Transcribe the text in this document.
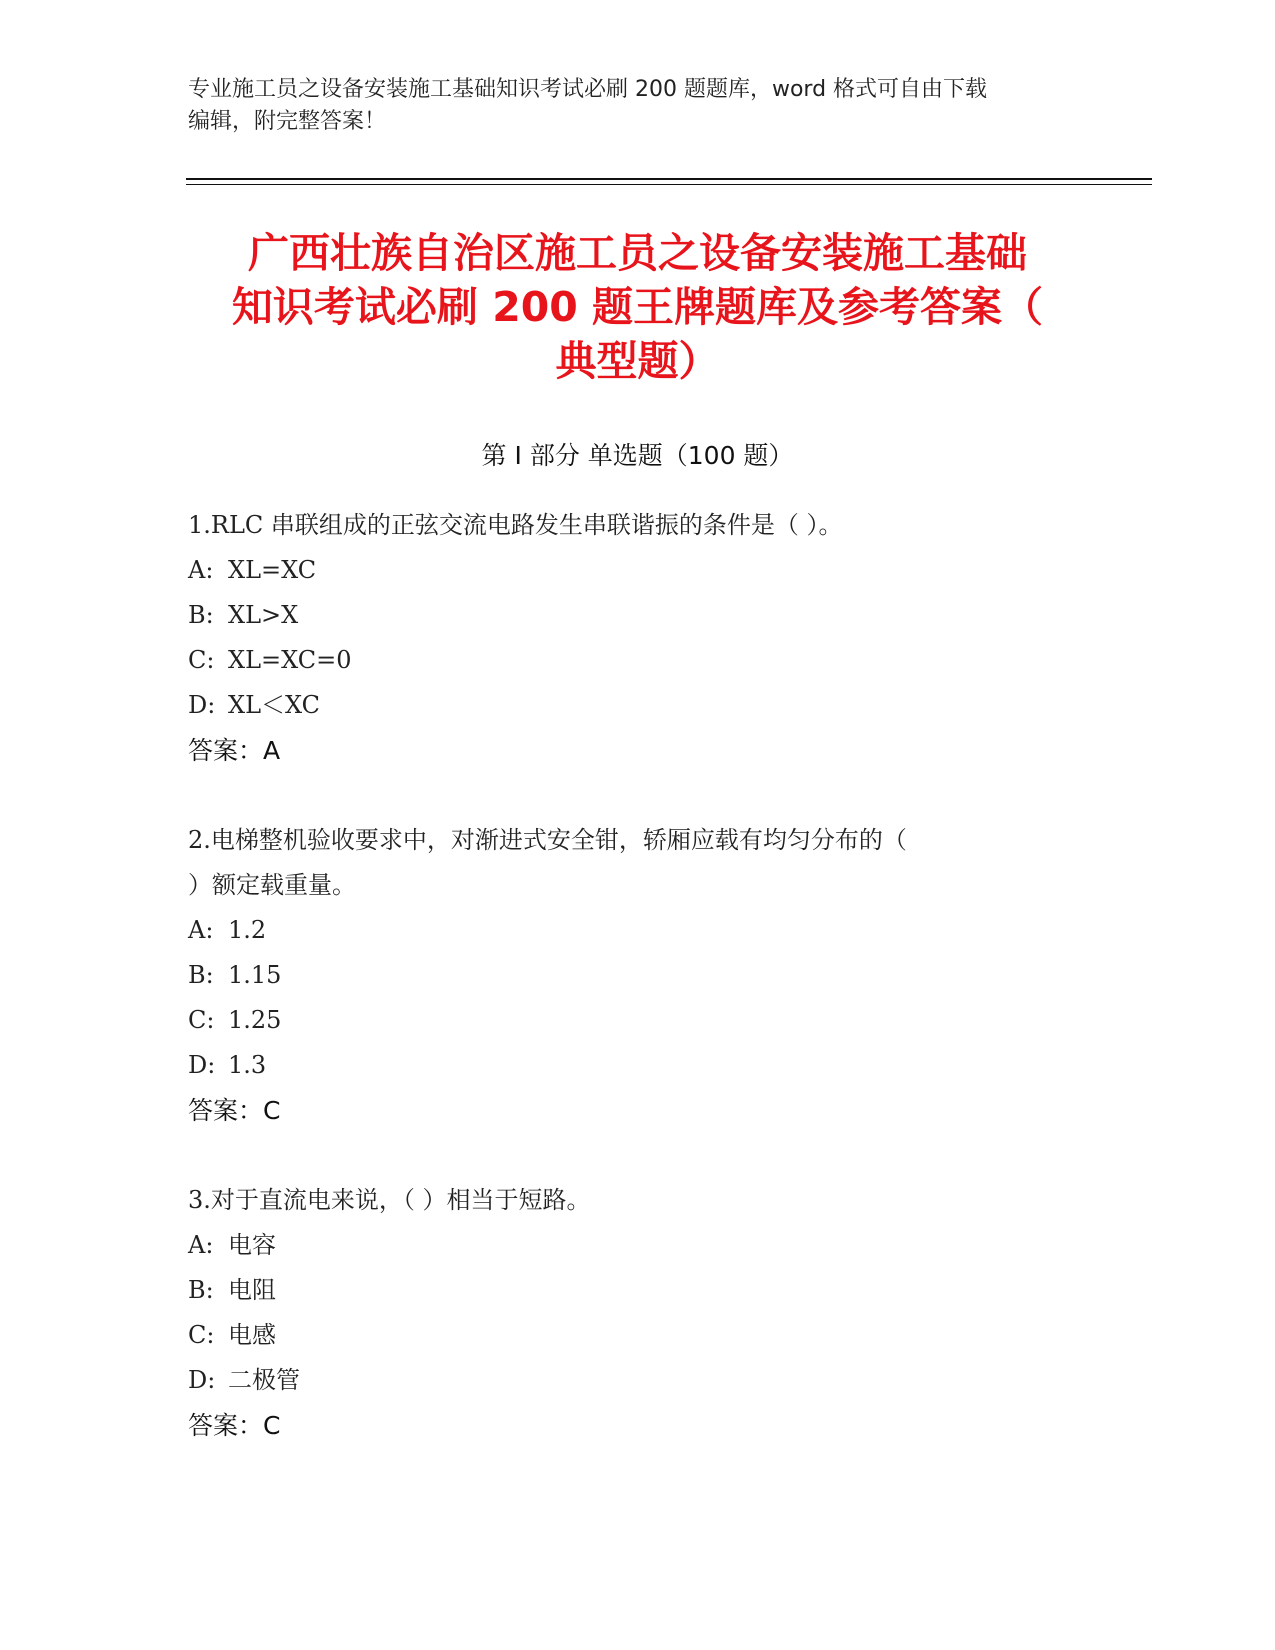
专业施工员之设备安装施工基础知识考试必刷 200 题题库，word 格式可自由下载
编辑，附完整答案！
广西壮族自治区施工员之设备安装施工基础
知识考试必刷 200 题王牌题库及参考答案（
典型题）
第 I 部分 单选题（100 题）
1.RLC 串联组成的正弦交流电路发生串联谐振的条件是（ ）。
A: XL=XC
B: XL>X
C: XL=XC=0
D: XL＜XC
答案：A
2.电梯整机验收要求中，对渐进式安全钳，轿厢应载有均匀分布的（
）额定载重量。
A: 1.2
B: 1.15
C: 1.25
D: 1.3
答案：C
3.对于直流电来说，（ ）相当于短路。
A: 电容
B: 电阻
C: 电感
D: 二极管
答案：C
